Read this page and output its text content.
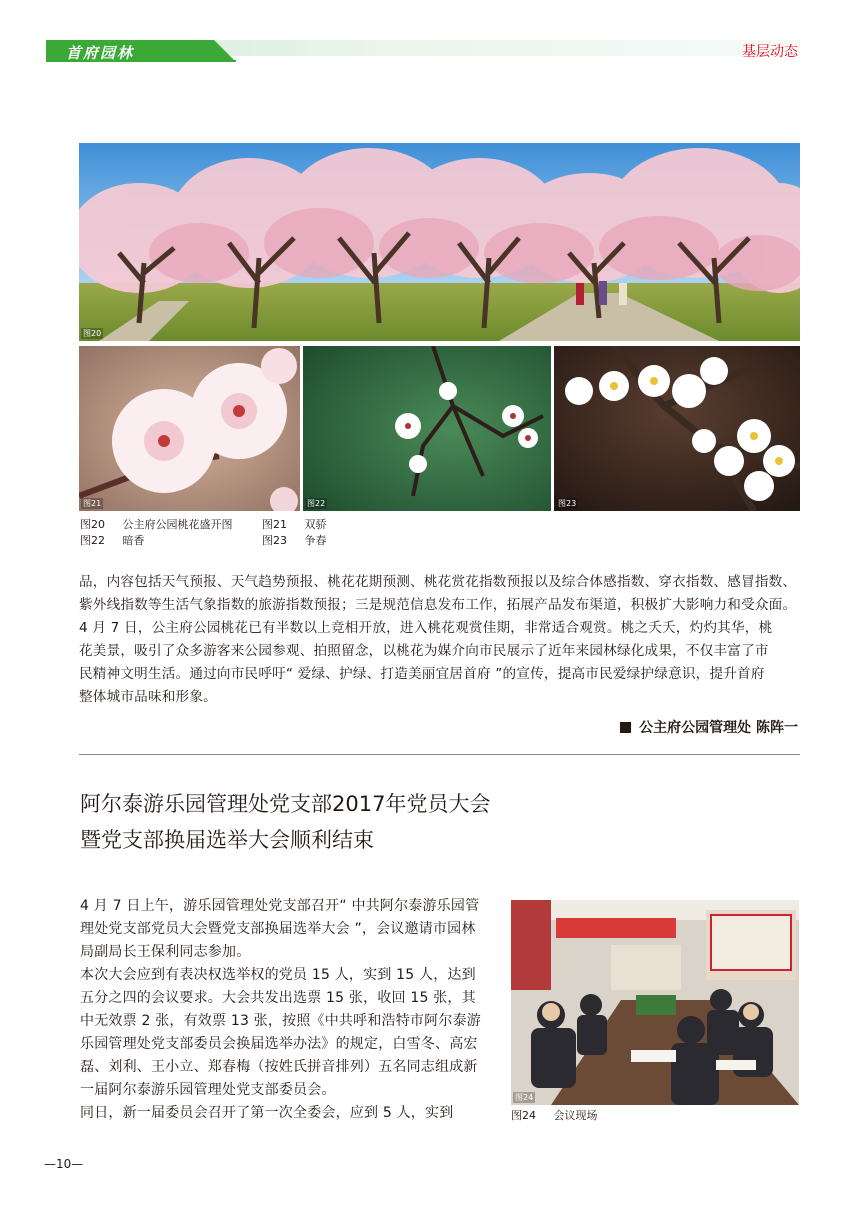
首府园林	基层动态
图20
图21	图22	图23
图20 公主府公园桃花盛开图	图21 双骄
图22 暗香	图23 争春

品，内容包括天气预报、天气趋势预报、桃花花期预测、桃花赏花指数预报以及综合体感指数、穿衣指数、感冒指数、

紫外线指数等生活气象指数的旅游指数预报；三是规范信息发布工作，拓展产品发布渠道，积极扩大影响力和受众面。

4 月 7 日，公主府公园桃花已有半数以上竞相开放，进入桃花观赏佳期，非常适合观赏。桃之夭夭，灼灼其华，桃

花美景，吸引了众多游客来公园参观、拍照留念，以桃花为媒介向市民展示了近年来园林绿化成果，不仅丰富了市

民精神文明生活。通过向市民呼吁“ 爱绿、护绿、打造美丽宜居首府 ”的宣传，提高市民爱绿护绿意识，提升首府

整体城市品味和形象。

公主府公园管理处 陈阵一
阿尔泰游乐园管理处党支部2017年党员大会
暨党支部换届选举大会顺利结束

4 月 7 日上午，游乐园管理处党支部召开“ 中共阿尔泰游乐园管理处党支部党员大会暨党支部换届选举大会 ”，会议邀请市园林局副局长王保利同志参加。

本次大会应到有表决权选举权的党员 15 人，实到 15 人，达到五分之四的会议要求。大会共发出选票 15 张，收回 15 张，其中无效票 2 张，有效票 13 张，按照《中共呼和浩特市阿尔泰游乐园管理处党支部委员会换届选举办法》的规定，白雪冬、高宏磊、刘利、王小立、郑春梅（按姓氏拼音排列）五名同志组成新一届阿尔泰游乐园管理处党支部委员会。

同日，新一届委员会召开了第一次全委会，应到 5 人，实到

图24
图24 会议现场
—10—
